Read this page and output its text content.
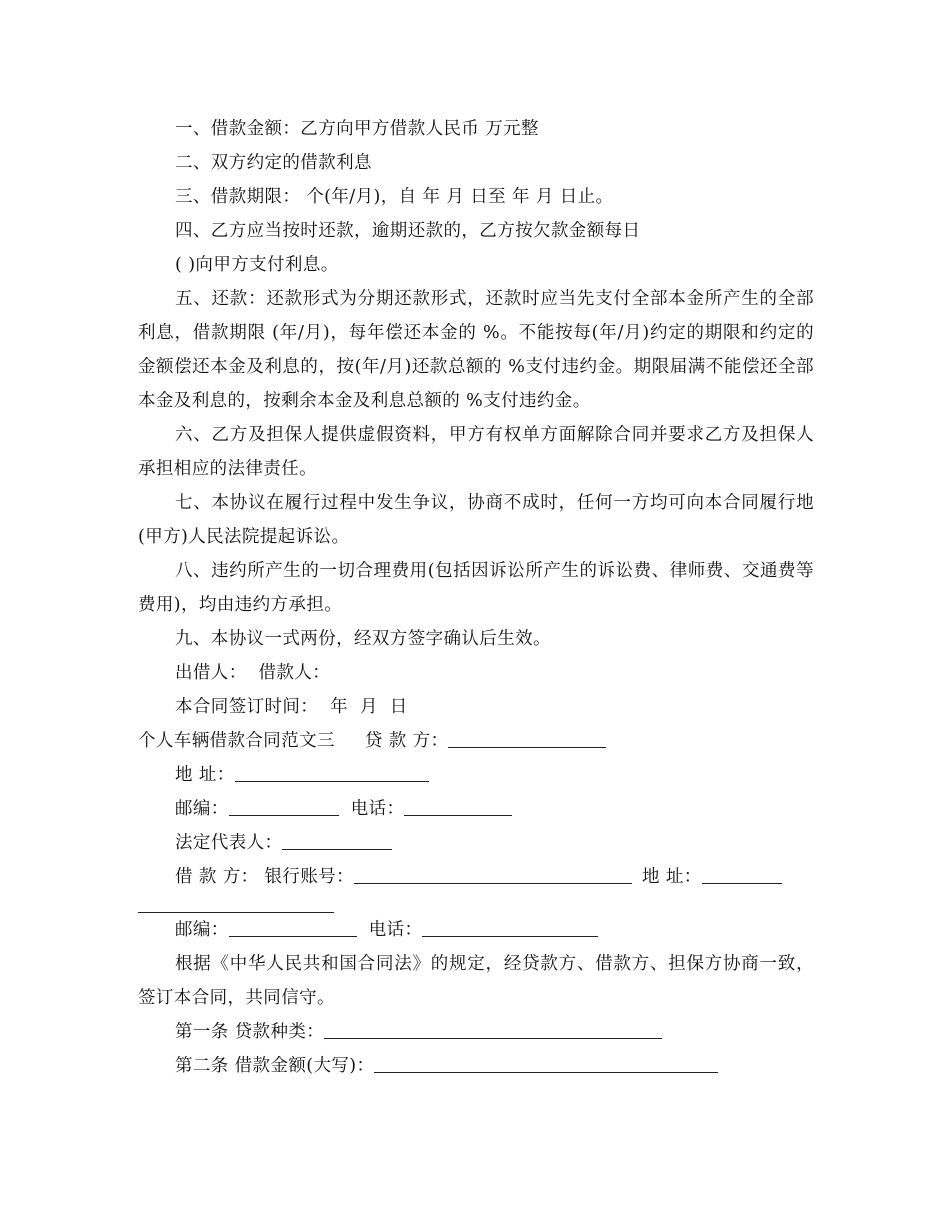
一、借款金额：乙方向甲方借款人民币 万元整

二、双方约定的借款利息

三、借款期限： 个(年/月)，自 年 月 日至 年 月 日止。

四、乙方应当按时还款，逾期还款的，乙方按欠款金额每日

( )向甲方支付利息。

五、还款：还款形式为分期还款形式，还款时应当先支付全部本金所产生的全部利息，借款期限 (年/月)，每年偿还本金的 %。不能按每(年/月)约定的期限和约定的金额偿还本金及利息的，按(年/月)还款总额的 %支付违约金。期限届满不能偿还全部本金及利息的，按剩余本金及利息总额的 %支付违约金。

六、乙方及担保人提供虚假资料，甲方有权单方面解除合同并要求乙方及担保人承担相应的法律责任。

七、本协议在履行过程中发生争议，协商不成时，任何一方均可向本合同履行地(甲方)人民法院提起诉讼。

八、违约所产生的一切合理费用(包括因诉讼所产生的诉讼费、律师费、交通费等费用)，均由违约方承担。

九、本协议一式两份，经双方签字确认后生效。

出借人：  借款人：

本合同签订时间：  年  月  日

个人车辆借款合同范文三 贷 款 方：
地 址：
邮编：	电话：
法定代表人：
借 款 方： 银行账号：	地 址：
邮编：	电话：

根据《中华人民共和国合同法》的规定，经贷款方、借款方、担保方协商一致，签订本合同，共同信守。

第一条 贷款种类：
第二条 借款金额(大写)：
